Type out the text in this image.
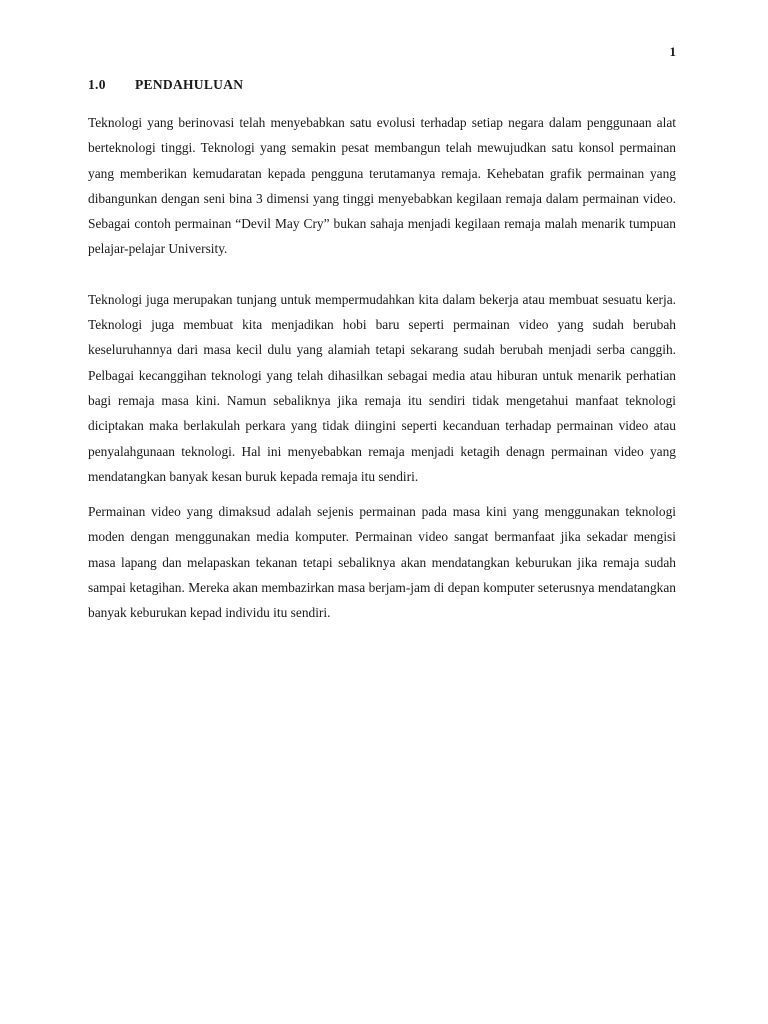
1
1.0 PENDAHULUAN

Teknologi yang berinovasi telah menyebabkan satu evolusi terhadap setiap negara dalam penggunaan alat berteknologi tinggi. Teknologi yang semakin pesat membangun telah mewujudkan satu konsol permainan yang memberikan kemudaratan kepada pengguna terutamanya remaja. Kehebatan grafik permainan yang dibangunkan dengan seni bina 3 dimensi yang tinggi menyebabkan kegilaan remaja dalam permainan video. Sebagai contoh permainan “Devil May Cry” bukan sahaja menjadi kegilaan remaja malah menarik tumpuan pelajar-pelajar University.

Teknologi juga merupakan tunjang untuk mempermudahkan kita dalam bekerja atau membuat sesuatu kerja. Teknologi juga membuat kita menjadikan hobi baru seperti permainan video yang sudah berubah keseluruhannya dari masa kecil dulu yang alamiah tetapi sekarang sudah berubah menjadi serba canggih. Pelbagai kecanggihan teknologi yang telah dihasilkan sebagai media atau hiburan untuk menarik perhatian bagi remaja masa kini. Namun sebaliknya jika remaja itu sendiri tidak mengetahui manfaat teknologi diciptakan maka berlakulah perkara yang tidak diingini seperti kecanduan terhadap permainan video atau penyalahgunaan teknologi. Hal ini menyebabkan remaja menjadi ketagih denagn permainan video yang mendatangkan banyak kesan buruk kepada remaja itu sendiri.

Permainan video yang dimaksud adalah sejenis permainan pada masa kini yang menggunakan teknologi moden dengan menggunakan media komputer. Permainan video sangat bermanfaat jika sekadar mengisi masa lapang dan melapaskan tekanan tetapi sebaliknya akan mendatangkan keburukan jika remaja sudah sampai ketagihan. Mereka akan membazirkan masa berjam-jam di depan komputer seterusnya mendatangkan banyak keburukan kepad individu itu sendiri.
